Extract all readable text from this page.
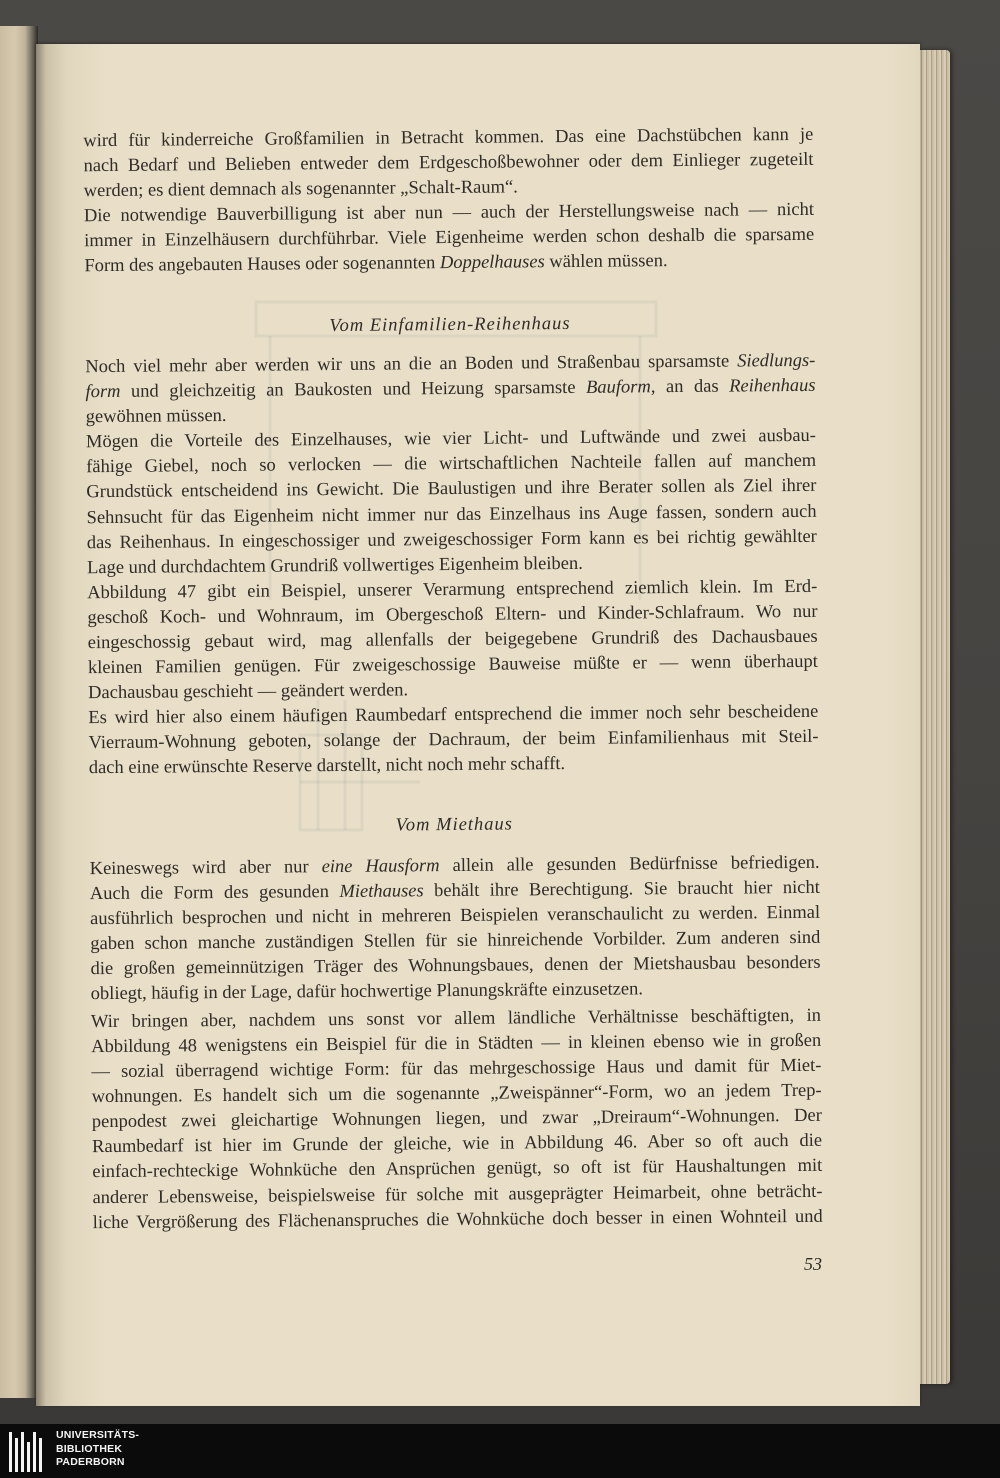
wird für kinderreiche Großfamilien in Betracht kommen. Das eine Dachstübchen kann je
nach Bedarf und Belieben entweder dem Erdgeschoßbewohner oder dem Einlieger zugeteilt
werden; es dient demnach als sogenannter „Schalt-Raum“.
Die notwendige Bauverbilligung ist aber nun — auch der Herstellungsweise nach — nicht
immer in Einzelhäusern durchführbar. Viele Eigenheime werden schon deshalb die sparsame
Form des angebauten Hauses oder sogenannten Doppelhauses wählen müssen.
Vom Einfamilien-Reihenhaus
Noch viel mehr aber werden wir uns an die an Boden und Straßenbau sparsamste Siedlungs-
form und gleichzeitig an Baukosten und Heizung sparsamste Bauform, an das Reihenhaus
gewöhnen müssen.
Mögen die Vorteile des Einzelhauses, wie vier Licht- und Luftwände und zwei ausbau-
fähige Giebel, noch so verlocken — die wirtschaftlichen Nachteile fallen auf manchem
Grundstück entscheidend ins Gewicht. Die Baulustigen und ihre Berater sollen als Ziel ihrer
Sehnsucht für das Eigenheim nicht immer nur das Einzelhaus ins Auge fassen, sondern auch
das Reihenhaus. In eingeschossiger und zweigeschossiger Form kann es bei richtig gewählter
Lage und durchdachtem Grundriß vollwertiges Eigenheim bleiben.
Abbildung 47 gibt ein Beispiel, unserer Verarmung entsprechend ziemlich klein. Im Erd-
geschoß Koch- und Wohnraum, im Obergeschoß Eltern- und Kinder-Schlafraum. Wo nur
eingeschossig gebaut wird, mag allenfalls der beigegebene Grundriß des Dachausbaues
kleinen Familien genügen. Für zweigeschossige Bauweise müßte er — wenn überhaupt
Dachausbau geschieht — geändert werden.
Es wird hier also einem häufigen Raumbedarf entsprechend die immer noch sehr bescheidene
Vierraum-Wohnung geboten, solange der Dachraum, der beim Einfamilienhaus mit Steil-
dach eine erwünschte Reserve darstellt, nicht noch mehr schafft.
Vom Miethaus
Keineswegs wird aber nur eine Hausform allein alle gesunden Bedürfnisse befriedigen.
Auch die Form des gesunden Miethauses behält ihre Berechtigung. Sie braucht hier nicht
ausführlich besprochen und nicht in mehreren Beispielen veranschaulicht zu werden. Einmal
gaben schon manche zuständigen Stellen für sie hinreichende Vorbilder. Zum anderen sind
die großen gemeinnützigen Träger des Wohnungsbaues, denen der Mietshausbau besonders
obliegt, häufig in der Lage, dafür hochwertige Planungskräfte einzusetzen.
Wir bringen aber, nachdem uns sonst vor allem ländliche Verhältnisse beschäftigten, in
Abbildung 48 wenigstens ein Beispiel für die in Städten — in kleinen ebenso wie in großen
— sozial überragend wichtige Form: für das mehrgeschossige Haus und damit für Miet-
wohnungen. Es handelt sich um die sogenannte „Zweispänner“-Form, wo an jedem Trep-
penpodest zwei gleichartige Wohnungen liegen, und zwar „Dreiraum“-Wohnungen. Der
Raumbedarf ist hier im Grunde der gleiche, wie in Abbildung 46. Aber so oft auch die
einfach-rechteckige Wohnküche den Ansprüchen genügt, so oft ist für Haushaltungen mit
anderer Lebensweise, beispielsweise für solche mit ausgeprägter Heimarbeit, ohne beträcht-
liche Vergrößerung des Flächenanspruches die Wohnküche doch besser in einen Wohnteil und
53
UNIVERSITÄTS-
BIBLIOTHEK
PADERBORN
